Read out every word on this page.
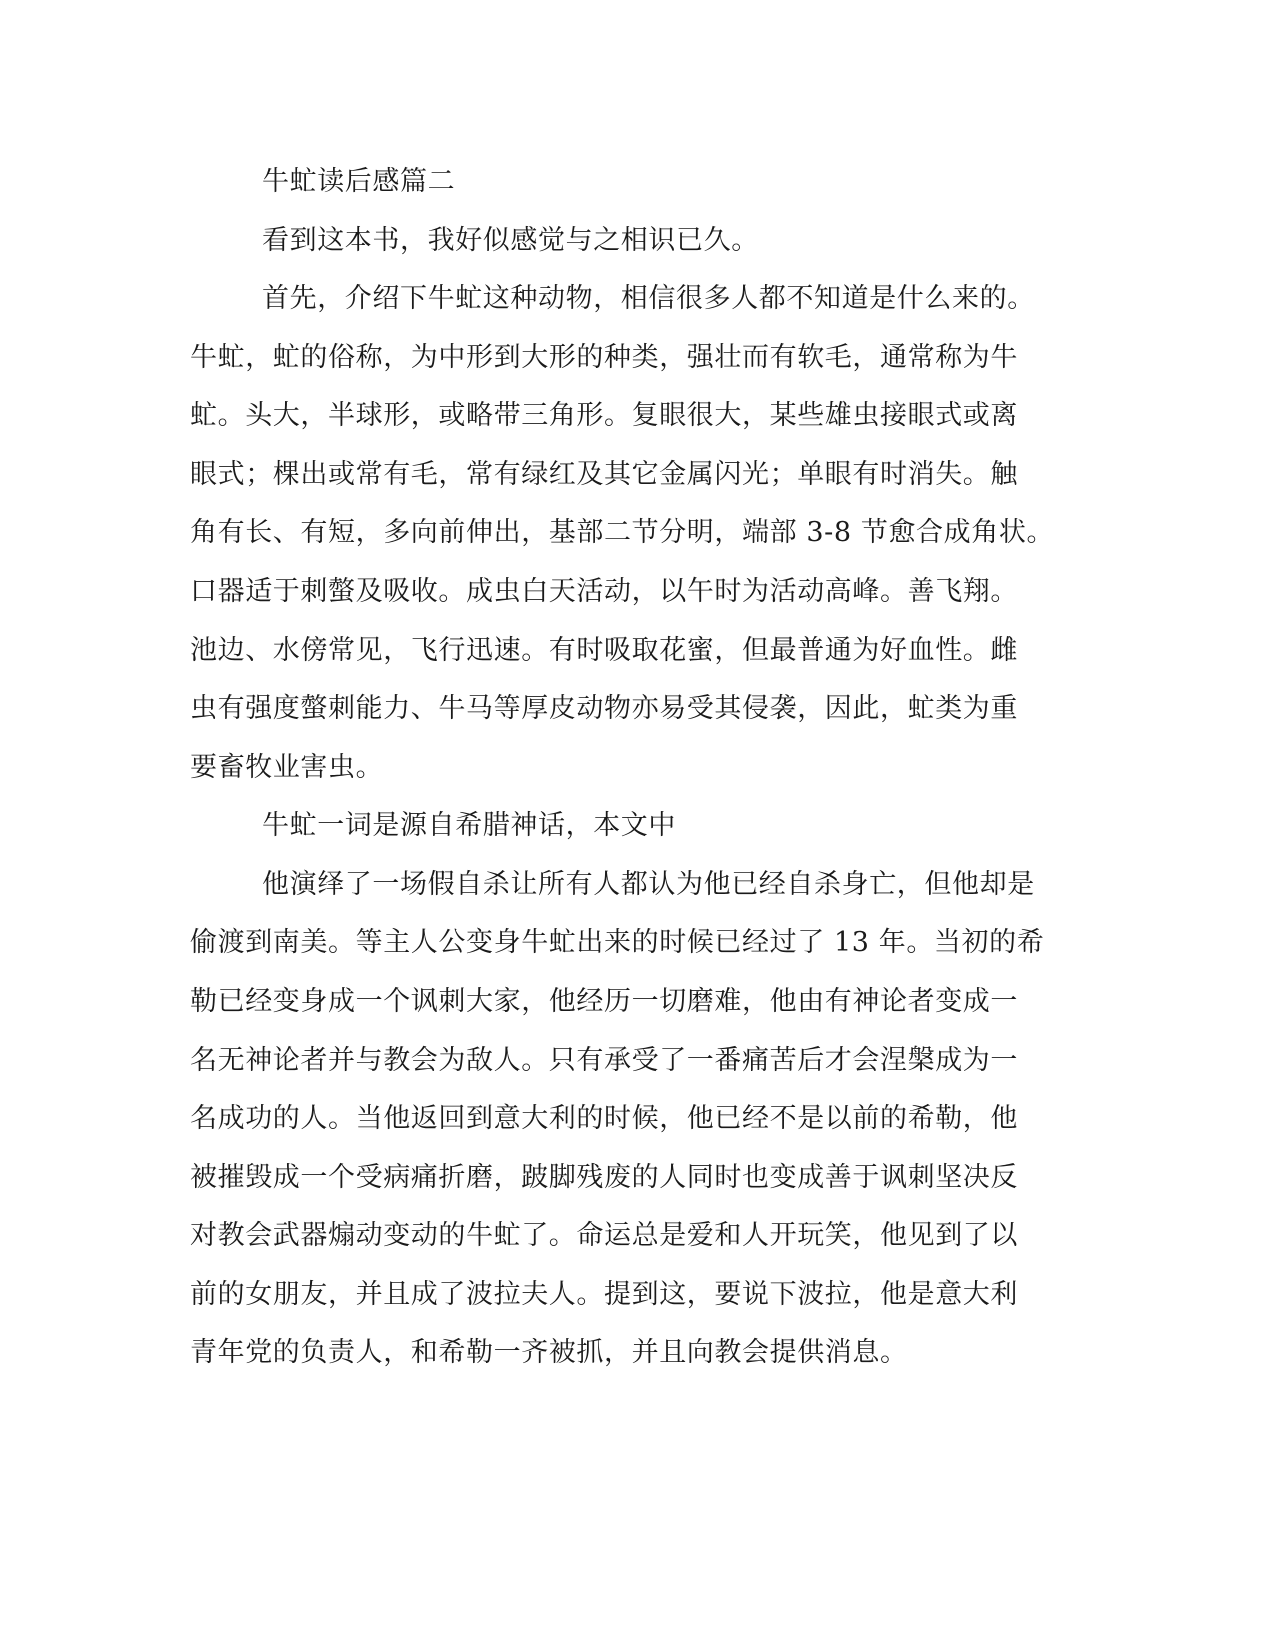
牛虻读后感篇二
看到这本书，我好似感觉与之相识已久。
首先，介绍下牛虻这种动物，相信很多人都不知道是什么来的。
牛虻，虻的俗称，为中形到大形的种类，强壮而有软毛，通常称为牛
虻。头大，半球形，或略带三角形。复眼很大，某些雄虫接眼式或离
眼式；棵出或常有毛，常有绿红及其它金属闪光；单眼有时消失。触
角有长、有短，多向前伸出，基部二节分明，端部 3-8 节愈合成角状。
口器适于刺螫及吸收。成虫白天活动，以午时为活动高峰。善飞翔。
池边、水傍常见，飞行迅速。有时吸取花蜜，但最普通为好血性。雌
虫有强度螫刺能力、牛马等厚皮动物亦易受其侵袭，因此，虻类为重
要畜牧业害虫。
牛虻一词是源自希腊神话，本文中
他演绎了一场假自杀让所有人都认为他已经自杀身亡，但他却是
偷渡到南美。等主人公变身牛虻出来的时候已经过了 13 年。当初的希
勒已经变身成一个讽刺大家，他经历一切磨难，他由有神论者变成一
名无神论者并与教会为敌人。只有承受了一番痛苦后才会涅槃成为一
名成功的人。当他返回到意大利的时候，他已经不是以前的希勒，他
被摧毁成一个受病痛折磨，跛脚残废的人同时也变成善于讽刺坚决反
对教会武器煽动变动的牛虻了。命运总是爱和人开玩笑，他见到了以
前的女朋友，并且成了波拉夫人。提到这，要说下波拉，他是意大利
青年党的负责人，和希勒一齐被抓，并且向教会提供消息。
